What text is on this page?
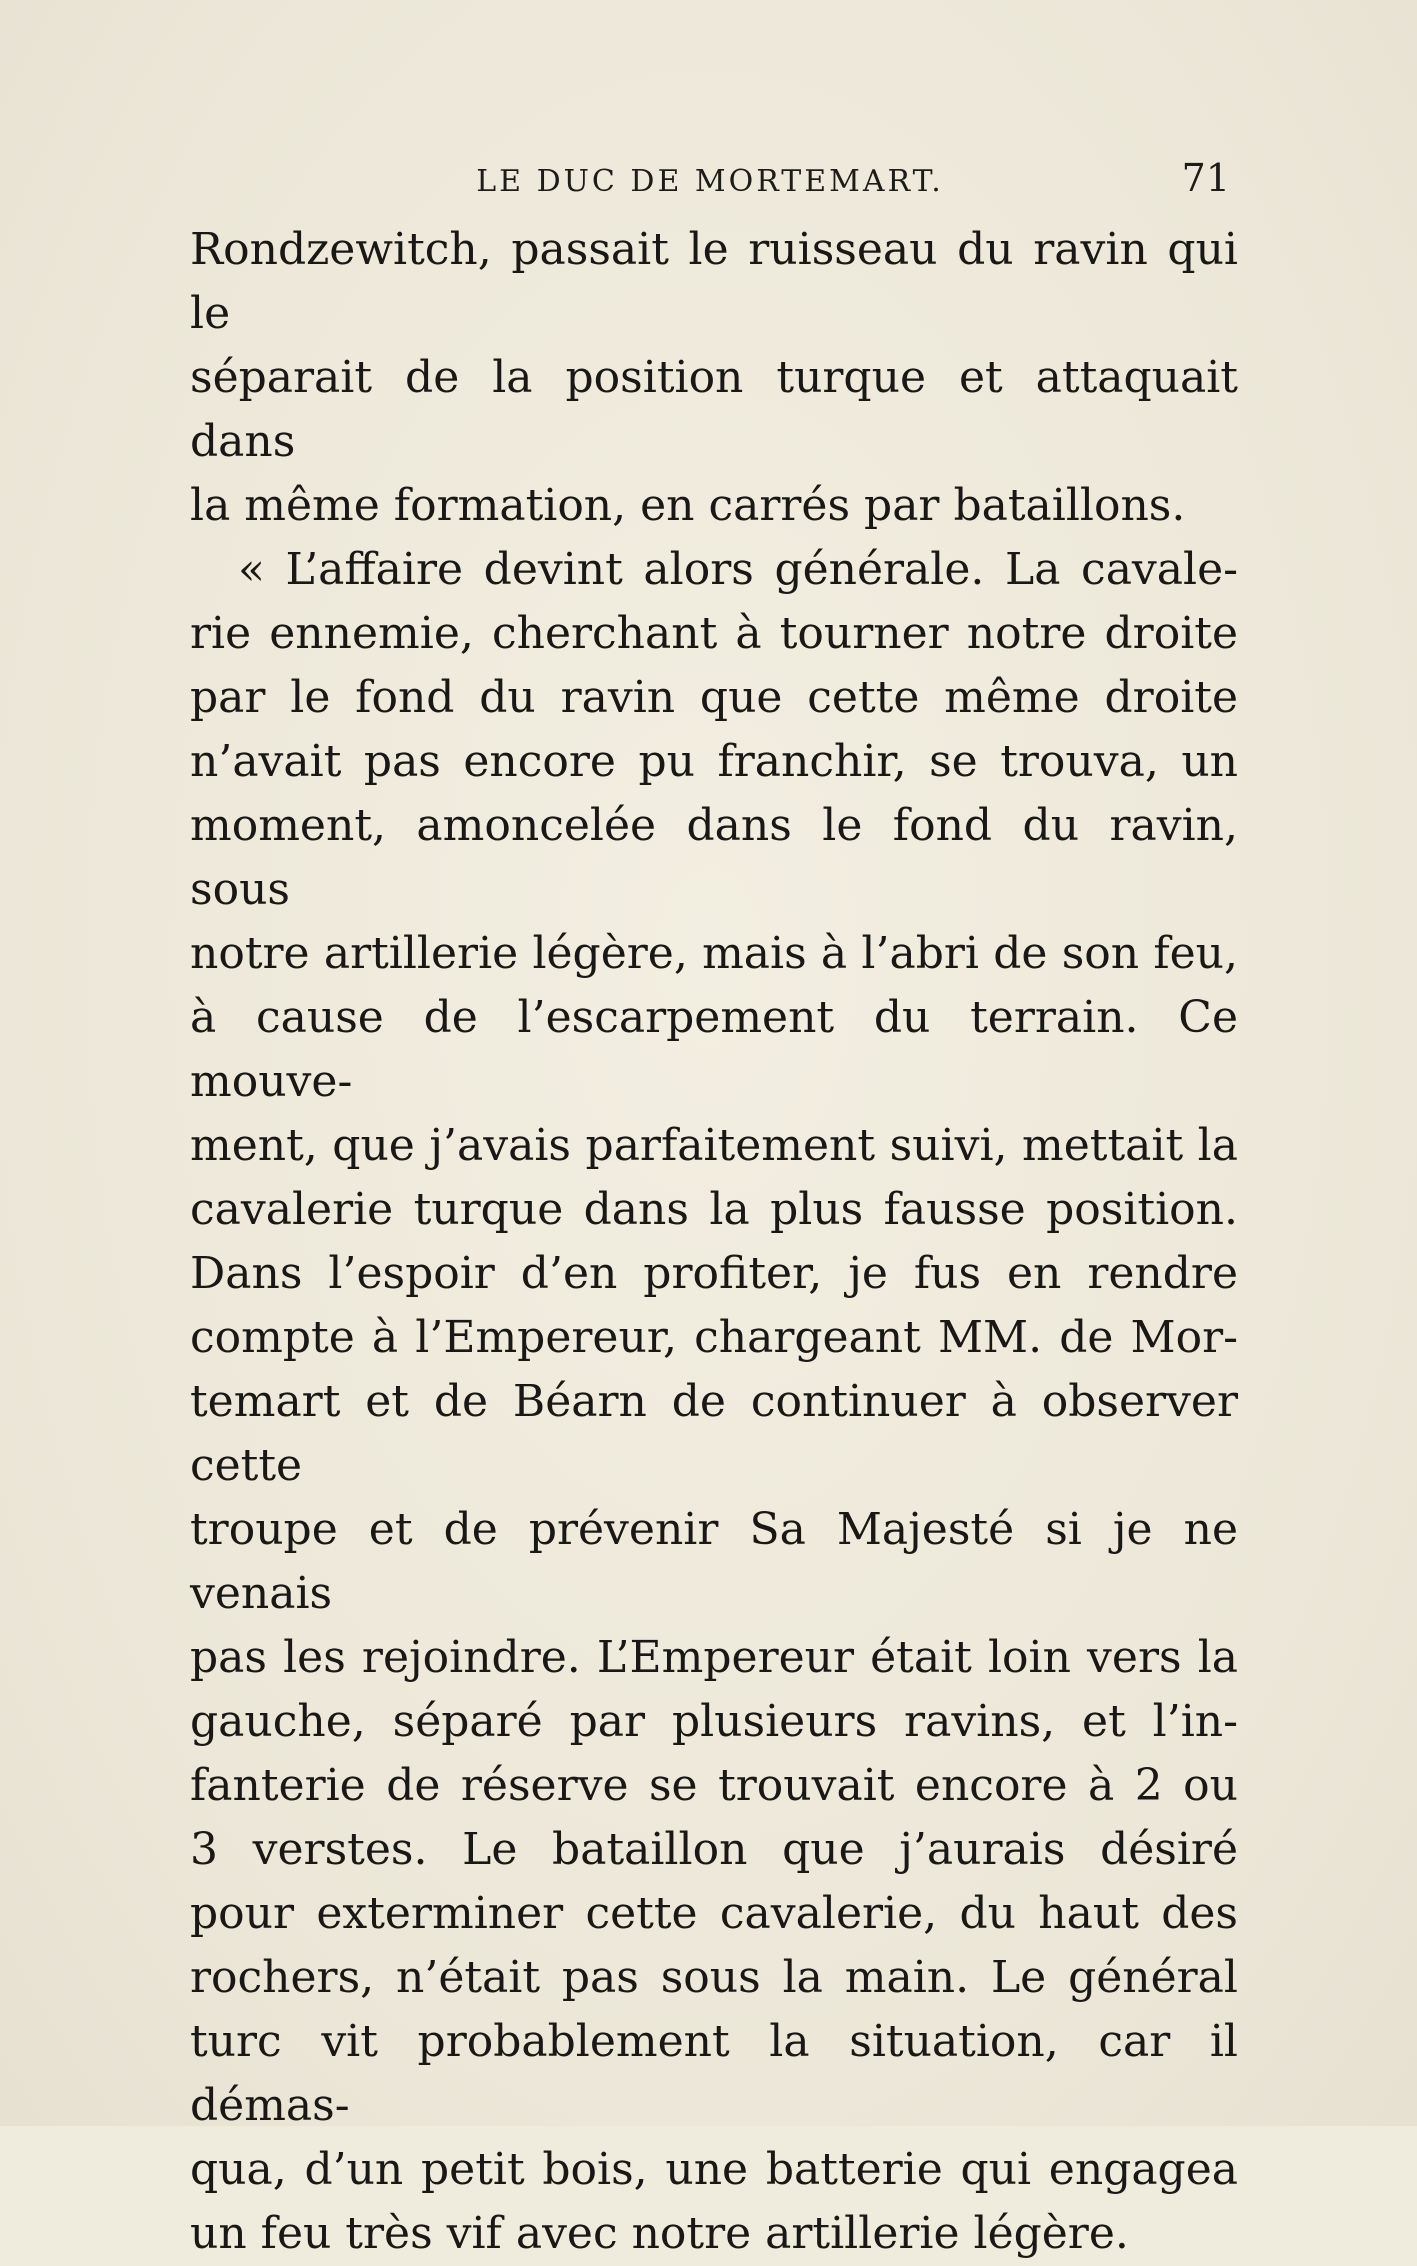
LE DUC DE MORTEMART.	71

Rondzewitch, passait le ruisseau du ravin qui le

séparait de la position turque et attaquait dans

la même formation, en carrés par bataillons.

« L’affaire devint alors générale. La cavale-

rie ennemie, cherchant à tourner notre droite

par le fond du ravin que cette même droite

n’avait pas encore pu franchir, se trouva, un

moment, amoncelée dans le fond du ravin, sous

notre artillerie légère, mais à l’abri de son feu,

à cause de l’escarpement du terrain. Ce mouve-

ment, que j’avais parfaitement suivi, mettait la

cavalerie turque dans la plus fausse position.

Dans l’espoir d’en profiter, je fus en rendre

compte à l’Empereur, chargeant MM. de Mor-

temart et de Béarn de continuer à observer cette

troupe et de prévenir Sa Majesté si je ne venais

pas les rejoindre. L’Empereur était loin vers la

gauche, séparé par plusieurs ravins, et l’in-

fanterie de réserve se trouvait encore à 2 ou

3 verstes. Le bataillon que j’aurais désiré

pour exterminer cette cavalerie, du haut des

rochers, n’était pas sous la main. Le général

turc vit probablement la situation, car il démas-

qua, d’un petit bois, une batterie qui engagea

un feu très vif avec notre artillerie légère.
